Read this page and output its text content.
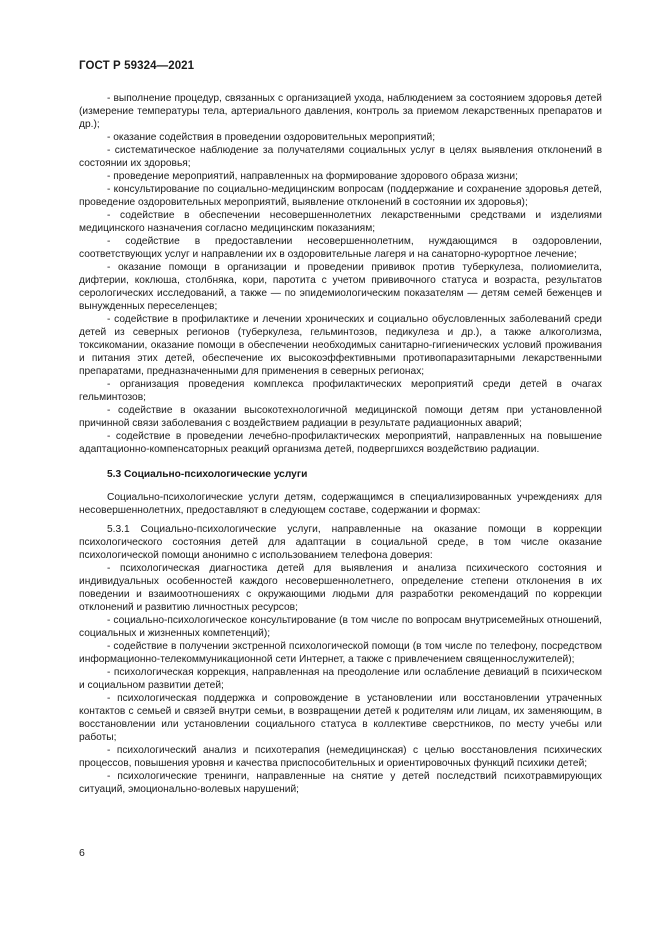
ГОСТ Р 59324—2021

- выполнение процедур, связанных с организацией ухода, наблюдением за состоянием здоровья детей (измерение температуры тела, артериального давления, контроль за приемом лекарственных препаратов и др.);

- оказание содействия в проведении оздоровительных мероприятий;

- систематическое наблюдение за получателями социальных услуг в целях выявления отклонений в состоянии их здоровья;

- проведение мероприятий, направленных на формирование здорового образа жизни;

- консультирование по социально-медицинским вопросам (поддержание и сохранение здоровья детей, проведение оздоровительных мероприятий, выявление отклонений в состоянии их здоровья);

- содействие в обеспечении несовершеннолетних лекарственными средствами и изделиями медицинского назначения согласно медицинским показаниям;

- содействие в предоставлении несовершеннолетним, нуждающимся в оздоровлении, соответствующих услуг и направлении их в оздоровительные лагеря и на санаторно-курортное лечение;

- оказание помощи в организации и проведении прививок против туберкулеза, полиомиелита, дифтерии, коклюша, столбняка, кори, паротита с учетом прививочного статуса и возраста, результатов серологических исследований, а также — по эпидемиологическим показателям — детям семей беженцев и вынужденных переселенцев;

- содействие в профилактике и лечении хронических и социально обусловленных заболеваний среди детей из северных регионов (туберкулеза, гельминтозов, педикулеза и др.), а также алкоголизма, токсикомании, оказание помощи в обеспечении необходимых санитарно-гигиенических условий проживания и питания этих детей, обеспечение их высокоэффективными противопаразитарными лекарственными препаратами, предназначенными для применения в северных регионах;

- организация проведения комплекса профилактических мероприятий среди детей в очагах гельминтозов;

- содействие в оказании высокотехнологичной медицинской помощи детям при установленной причинной связи заболевания с воздействием радиации в результате радиационных аварий;

- содействие в проведении лечебно-профилактических мероприятий, направленных на повышение адаптационно-компенсаторных реакций организма детей, подвергшихся воздействию радиации.

5.3 Социально-психологические услуги

Социально-психологические услуги детям, содержащимся в специализированных учреждениях для несовершеннолетних, предоставляют в следующем составе, содержании и формах:

5.3.1 Социально-психологические услуги, направленные на оказание помощи в коррекции психологического состояния детей для адаптации в социальной среде, в том числе оказание психологической помощи анонимно с использованием телефона доверия:

- психологическая диагностика детей для выявления и анализа психического состояния и индивидуальных особенностей каждого несовершеннолетнего, определение степени отклонения в их поведении и взаимоотношениях с окружающими людьми для разработки рекомендаций по коррекции отклонений и развитию личностных ресурсов;

- социально-психологическое консультирование (в том числе по вопросам внутрисемейных отношений, социальных и жизненных компетенций);

- содействие в получении экстренной психологической помощи (в том числе по телефону, посредством информационно-телекоммуникационной сети Интернет, а также с привлечением священнослужителей);

- психологическая коррекция, направленная на преодоление или ослабление девиаций в психическом и социальном развитии детей;

- психологическая поддержка и сопровождение в установлении или восстановлении утраченных контактов с семьей и связей внутри семьи, в возвращении детей к родителям или лицам, их заменяющим, в восстановлении или установлении социального статуса в коллективе сверстников, по месту учебы или работы;

- психологический анализ и психотерапия (немедицинская) с целью восстановления психических процессов, повышения уровня и качества приспособительных и ориентировочных функций психики детей;

- психологические тренинги, направленные на снятие у детей последствий психотравмирующих ситуаций, эмоционально-волевых нарушений;

6
